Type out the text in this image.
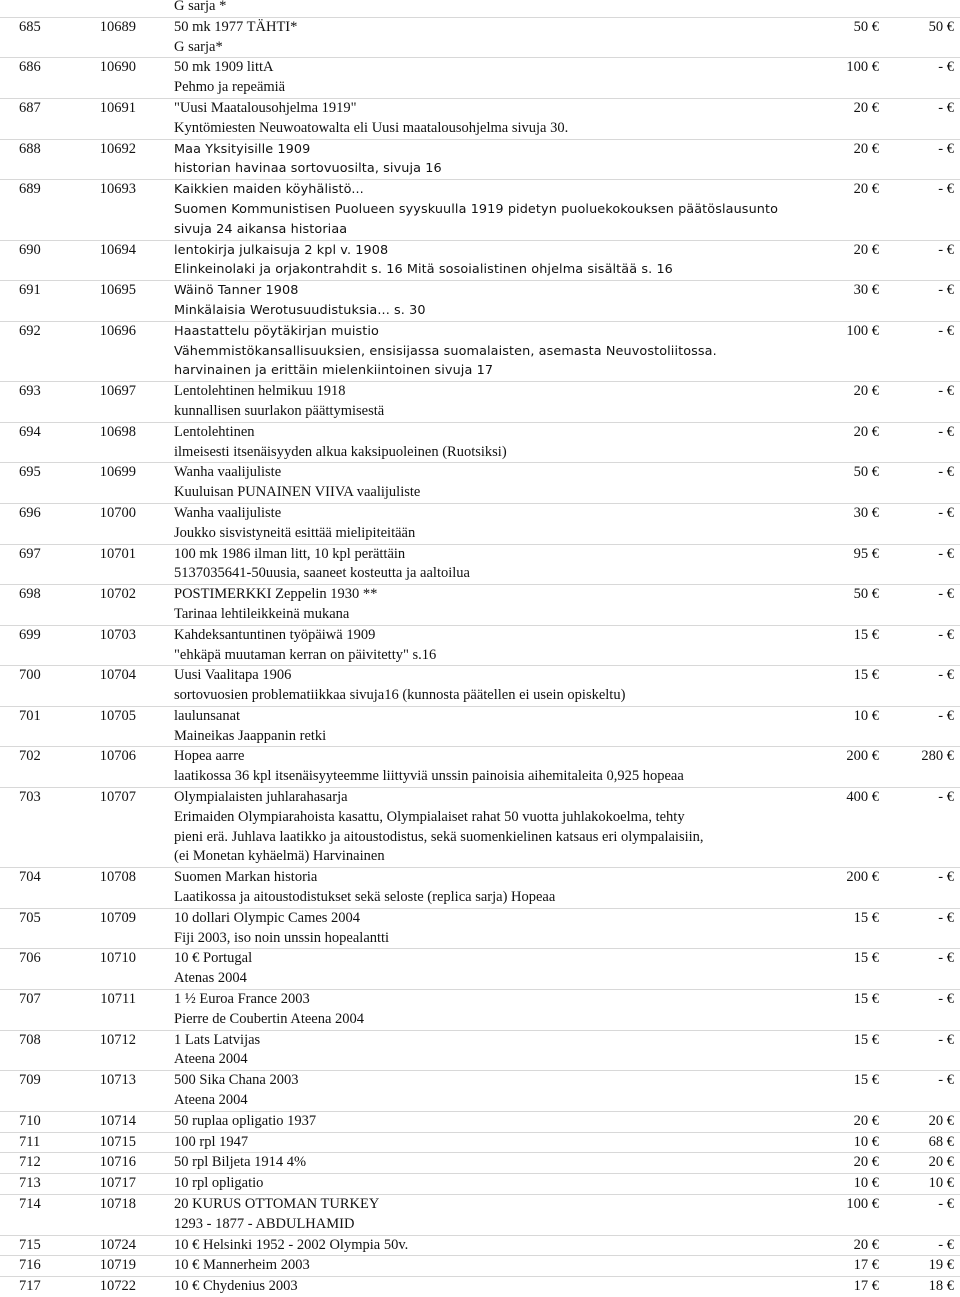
G sarja *
685	10689	50 mk 1977 TÄHTI*	50 €	50 €
G sarja*
686	10690	50 mk 1909 littA	100 €	- €
Pehmo ja repeämiä
687	10691	"Uusi Maatalousohjelma 1919"	20 €	- €
Kyntömiesten Neuwoatowalta eli Uusi maatalousohjelma sivuja 30.
688	10692	Maa Yksityisille 1909	20 €	- €
historian havinaa sortovuosilta, sivuja 16
689	10693	Kaikkien maiden köyhälistö...	20 €	- €
Suomen Kommunistisen Puolueen syyskuulla 1919 pidetyn puoluekokouksen päätöslausunto
sivuja 24 aikansa historiaa
690	10694	lentokirja julkaisuja 2 kpl v. 1908	20 €	- €
Elinkeinolaki ja orjakontrahdit s. 16 Mitä sosoialistinen ohjelma sisältää s. 16
691	10695	Wäinö Tanner 1908	30 €	- €
Minkälaisia Werotusuudistuksia... s. 30
692	10696	Haastattelu pöytäkirjan muistio	100 €	- €
Vähemmistökansallisuuksien, ensisijassa suomalaisten, asemasta Neuvostoliitossa.
harvinainen ja erittäin mielenkiintoinen sivuja 17
693	10697	Lentolehtinen helmikuu 1918	20 €	- €
kunnallisen suurlakon päättymisestä
694	10698	Lentolehtinen	20 €	- €
ilmeisesti itsenäisyyden alkua kaksipuoleinen (Ruotsiksi)
695	10699	Wanha vaalijuliste	50 €	- €
Kuuluisan PUNAINEN VIIVA vaalijuliste
696	10700	Wanha vaalijuliste	30 €	- €
Joukko sisvistyneitä esittää mielipiteitään
697	10701	100 mk 1986 ilman litt, 10 kpl perättäin	95 €	- €
5137035641-50uusia, saaneet kosteutta ja aaltoilua
698	10702	POSTIMERKKI Zeppelin 1930 **	50 €	- €
Tarinaa lehtileikkeinä mukana
699	10703	Kahdeksantuntinen työpäiwä 1909	15 €	- €
"ehkäpä muutaman kerran on päivitetty" s.16
700	10704	Uusi Vaalitapa 1906	15 €	- €
sortovuosien problematiikkaa sivuja16 (kunnosta päätellen ei usein opiskeltu)
701	10705	laulunsanat	10 €	- €
Maineikas Jaappanin retki
702	10706	Hopea aarre	200 €	280 €
laatikossa 36 kpl itsenäisyyteemme liittyviä unssin painoisia aihemitaleita 0,925 hopeaa
703	10707	Olympialaisten juhlarahasarja	400 €	- €
Erimaiden Olympiarahoista kasattu, Olympialaiset rahat 50 vuotta juhlakokoelma, tehty
pieni erä. Juhlava laatikko ja aitoustodistus, sekä suomenkielinen katsaus eri olympalaisiin,
(ei Monetan kyhäelmä) Harvinainen
704	10708	Suomen Markan historia	200 €	- €
Laatikossa ja aitoustodistukset sekä seloste (replica sarja) Hopeaa
705	10709	10 dollari Olympic Cames 2004	15 €	- €
Fiji 2003, iso noin unssin hopealantti
706	10710	10 € Portugal	15 €	- €
Atenas 2004
707	10711	1 ½ Euroa France 2003	15 €	- €
Pierre de Coubertin Ateena 2004
708	10712	1 Lats Latvijas	15 €	- €
Ateena 2004
709	10713	500 Sika Chana 2003	15 €	- €
Ateena 2004
710	10714	50 ruplaa opligatio 1937	20 €	20 €
711	10715	100 rpl 1947	10 €	68 €
712	10716	50 rpl Biljeta 1914 4%	20 €	20 €
713	10717	10 rpl opligatio	10 €	10 €
714	10718	20 KURUS OTTOMAN TURKEY	100 €	- €
1293 - 1877 - ABDULHAMID
715	10724	10 € Helsinki 1952 - 2002 Olympia 50v.	20 €	- €
716	10719	10 € Mannerheim 2003	17 €	19 €
717	10722	10 € Chydenius 2003	17 €	18 €
